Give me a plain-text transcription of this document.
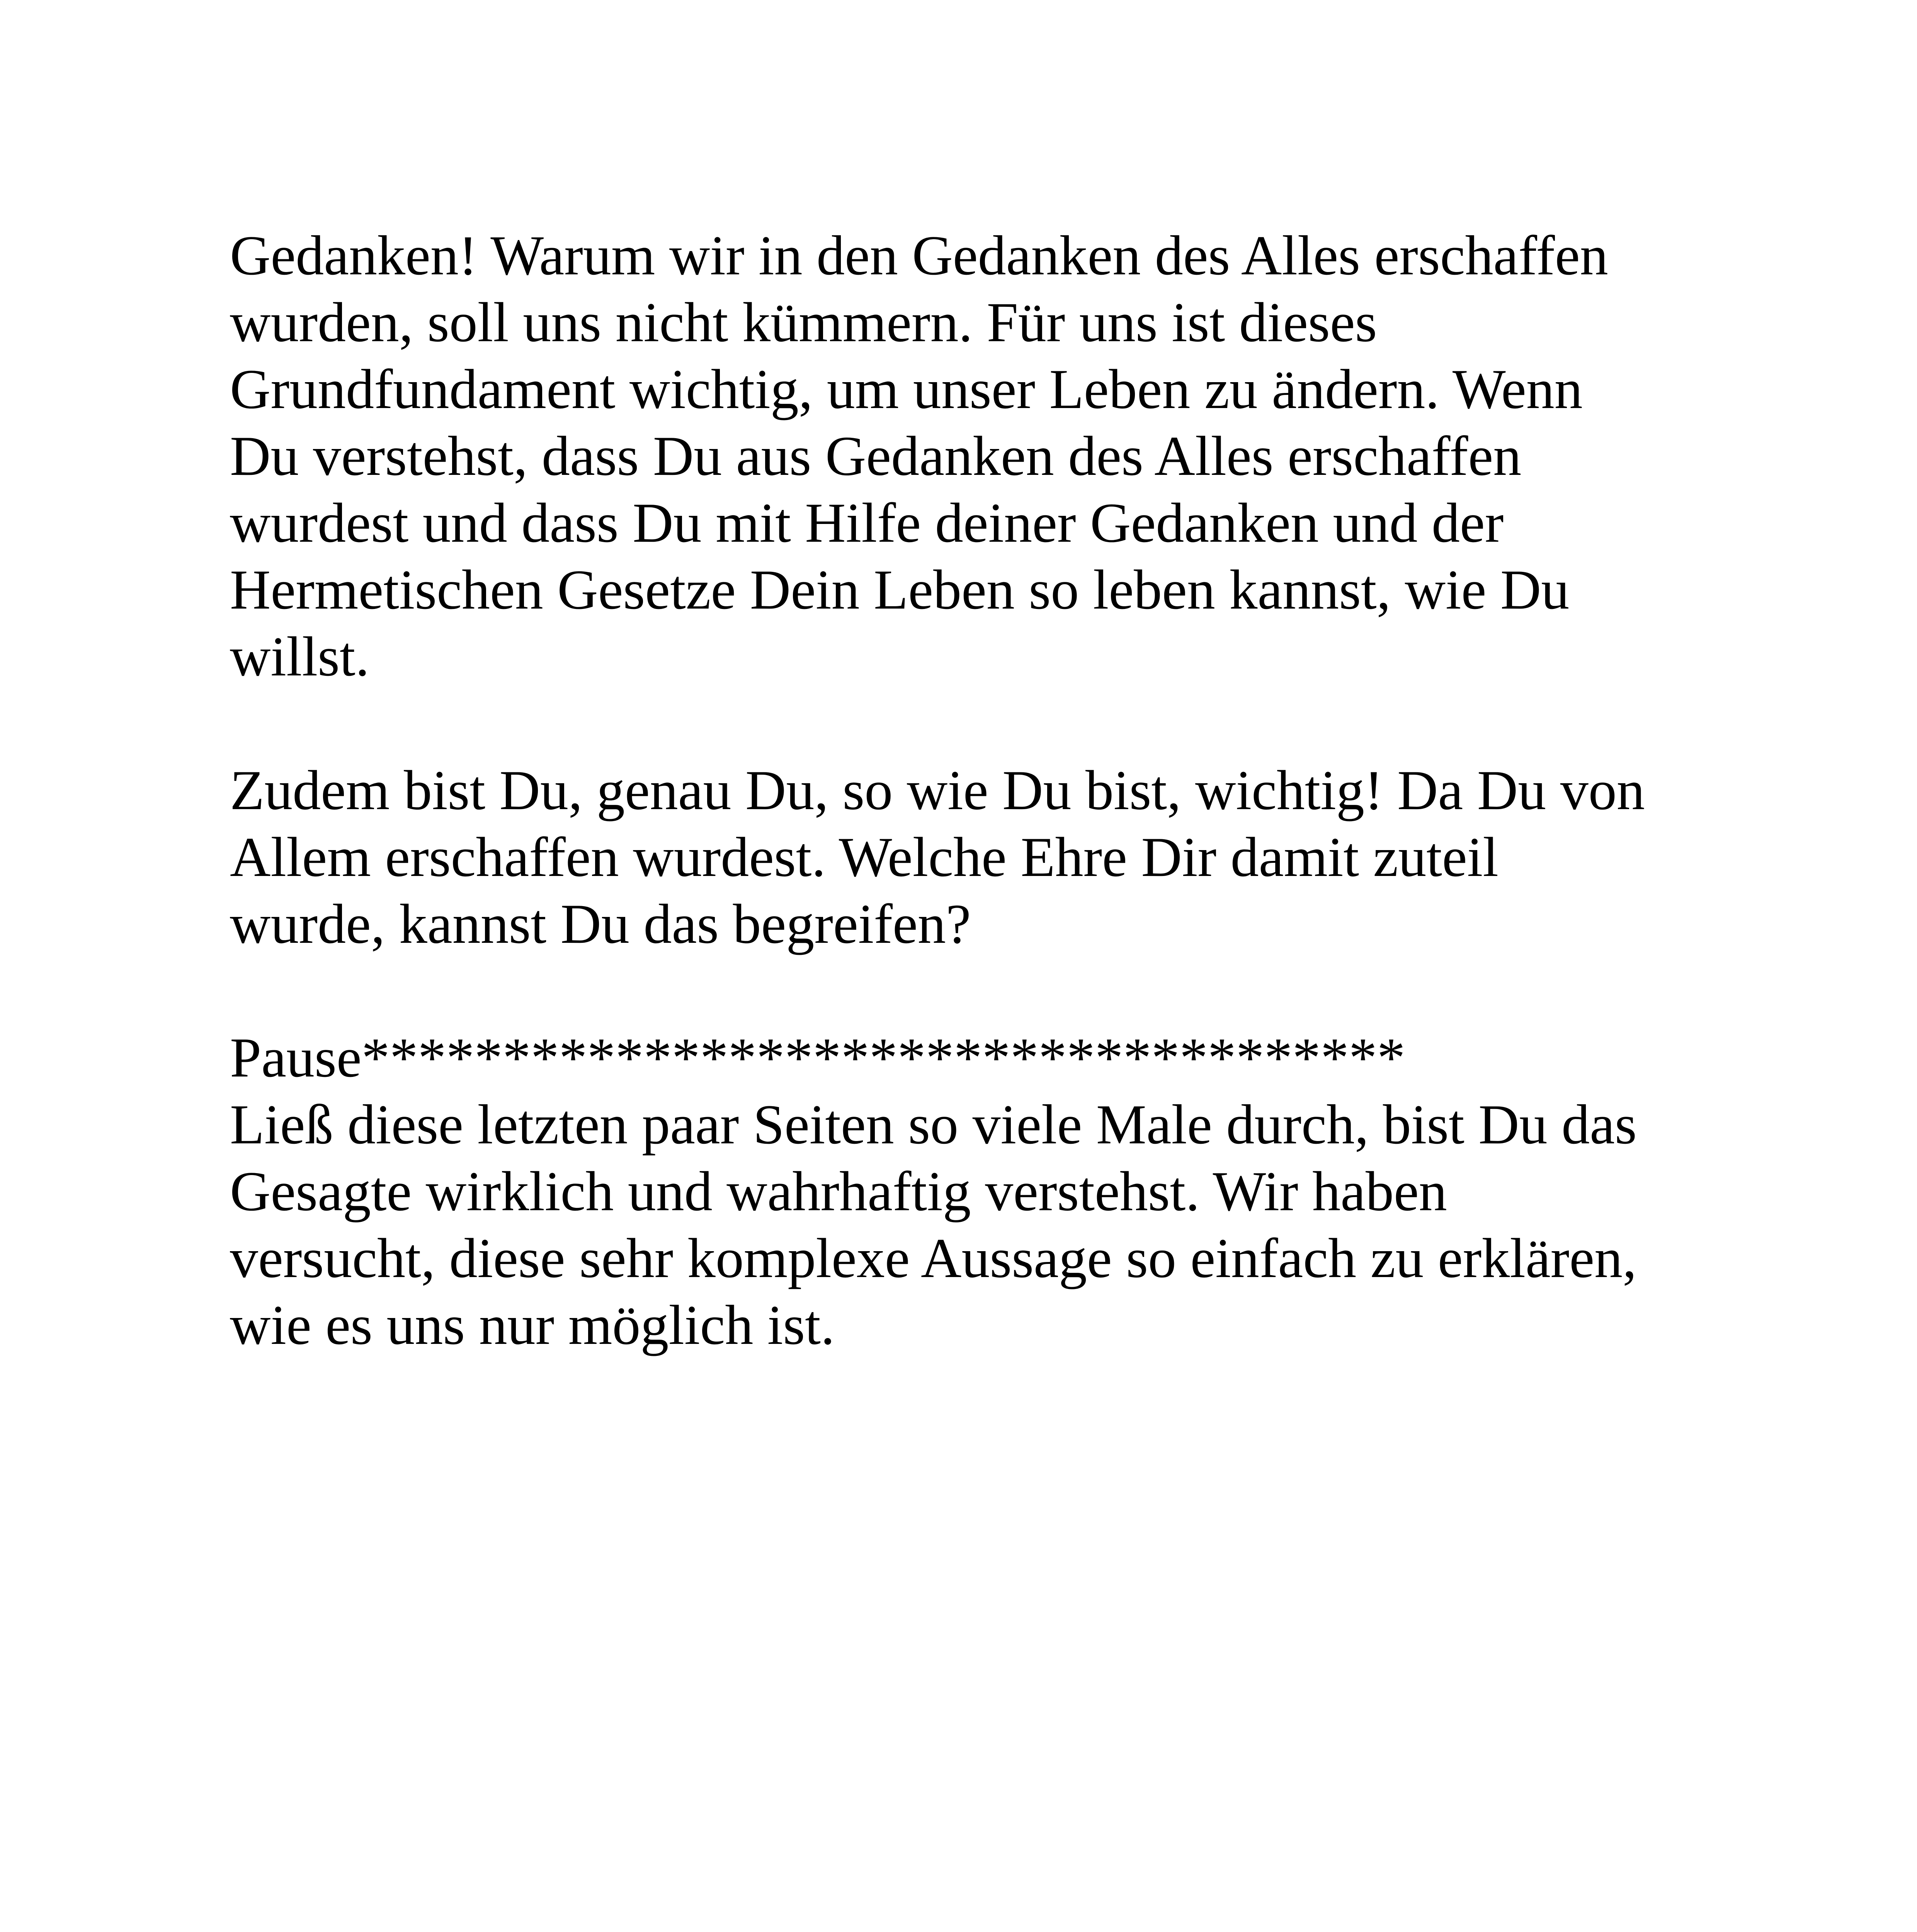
Gedanken! Warum wir in den Gedanken des Alles erschaffen
wurden, soll uns nicht kümmern. Für uns ist dieses
Grundfundament wichtig, um unser Leben zu ändern. Wenn
Du verstehst, dass Du aus Gedanken des Alles erschaffen
wurdest und dass Du mit Hilfe deiner Gedanken und der
Hermetischen Gesetze Dein Leben so leben kannst, wie Du
willst.
Zudem bist Du, genau Du, so wie Du bist, wichtig! Da Du von
Allem erschaffen wurdest. Welche Ehre Dir damit zuteil
wurde, kannst Du das begreifen?
Pause*************************************
Ließ diese letzten paar Seiten so viele Male durch, bist Du das
Gesagte wirklich und wahrhaftig verstehst. Wir haben
versucht, diese sehr komplexe Aussage so einfach zu erklären,
wie es uns nur möglich ist.
